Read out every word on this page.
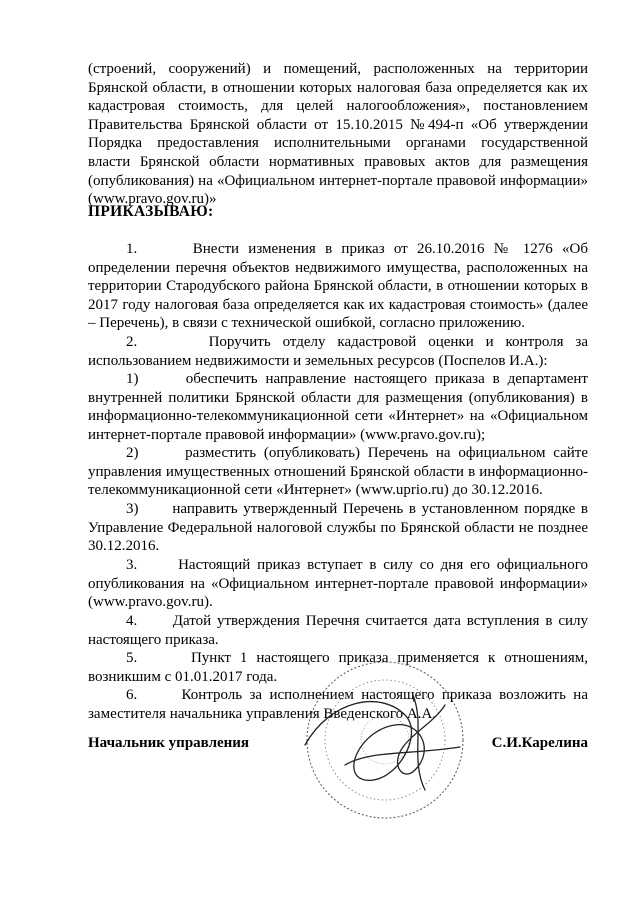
(строений, сооружений) и помещений, расположенных на территории Брянской области, в отношении которых налоговая база определяется как их кадастровая стоимость, для целей налогообложения», постановлением Правительства Брянской области от 15.10.2015 №494-п «Об утверждении Порядка предоставления исполнительными органами государственной власти Брянской области нормативных правовых актов для размещения (опубликования) на «Официальном интернет-портале правовой информации» (www.pravo.gov.ru)»
ПРИКАЗЫВАЮ:
1.      Внести изменения в приказ от 26.10.2016 № 1276 «Об определении перечня объектов недвижимого имущества, расположенных на территории Стародубского района Брянской области, в отношении которых в 2017 году налоговая база определяется как их кадастровая стоимость» (далее – Перечень), в связи с технической ошибкой, согласно приложению.
2.      Поручить отделу кадастровой оценки и контроля за использованием недвижимости и земельных ресурсов (Поспелов И.А.):
1)      обеспечить направление настоящего приказа в департамент внутренней политики Брянской области для размещения (опубликования) в информационно-телекоммуникационной сети «Интернет» на «Официальном интернет-портале правовой информации» (www.pravo.gov.ru);
2)      разместить (опубликовать) Перечень на официальном сайте управления имущественных отношений Брянской области в информационно-телекоммуникационной сети «Интернет» (www.uprio.ru) до 30.12.2016.
3)      направить утвержденный Перечень в установленном порядке в Управление Федеральной налоговой службы по Брянской области не позднее 30.12.2016.
3.      Настоящий приказ вступает в силу со дня его официального опубликования на «Официальном интернет-портале правовой информации» (www.pravo.gov.ru).
4.      Датой утверждения Перечня считается дата вступления в силу настоящего приказа.
5.      Пункт 1 настоящего приказа применяется к отношениям, возникшим с 01.01.2017 года.
6.      Контроль за исполнением настоящего приказа возложить на заместителя начальника управления Введенского А.А.
Начальник управления	С.И.Карелина
